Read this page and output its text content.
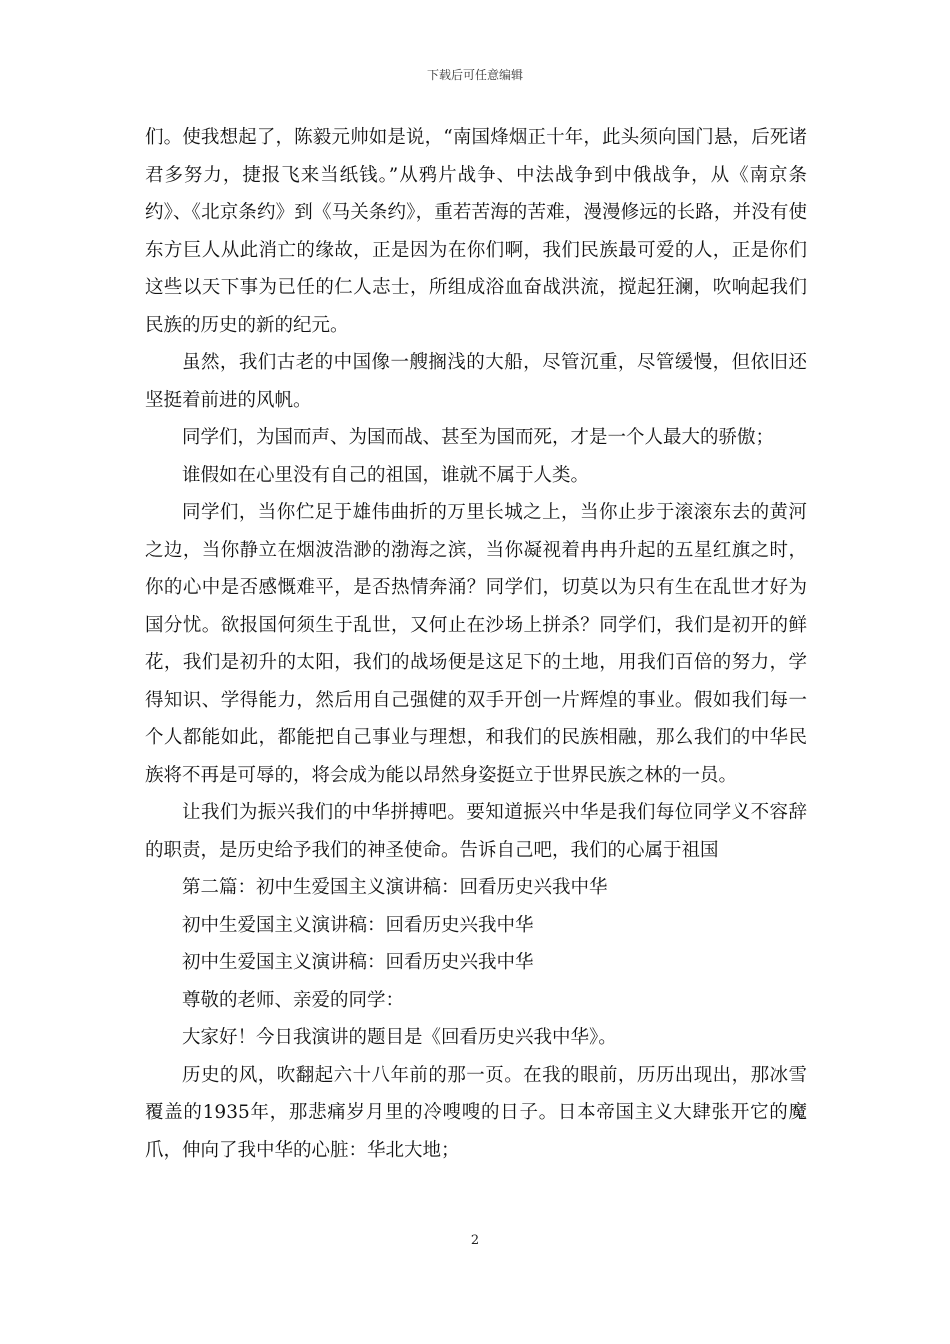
下载后可任意编辑

们。使我想起了，陈毅元帅如是说，“南国烽烟正十年，此头须向国门悬，后死诸君多努力，捷报飞来当纸钱。”从鸦片战争、中法战争到中俄战争，从《南京条约》、《北京条约》到《马关条约》，重若苦海的苦难，漫漫修远的长路，并没有使东方巨人从此消亡的缘故，正是因为在你们啊，我们民族最可爱的人，正是你们这些以天下事为已任的仁人志士，所组成浴血奋战洪流，搅起狂澜，吹响起我们民族的历史的新的纪元。

虽然，我们古老的中国像一艘搁浅的大船，尽管沉重，尽管缓慢，但依旧还坚挺着前进的风帆。

同学们，为国而声、为国而战、甚至为国而死，才是一个人最大的骄傲；

谁假如在心里没有自己的祖国，谁就不属于人类。

同学们，当你伫足于雄伟曲折的万里长城之上，当你止步于滚滚东去的黄河之边，当你静立在烟波浩渺的渤海之滨，当你凝视着冉冉升起的五星红旗之时，你的心中是否感慨难平，是否热情奔涌？同学们，切莫以为只有生在乱世才好为国分忧。欲报国何须生于乱世，又何止在沙场上拼杀？同学们，我们是初开的鲜花，我们是初升的太阳，我们的战场便是这足下的土地，用我们百倍的努力，学得知识、学得能力，然后用自己强健的双手开创一片辉煌的事业。假如我们每一个人都能如此，都能把自己事业与理想，和我们的民族相融，那么我们的中华民族将不再是可辱的，将会成为能以昂然身姿挺立于世界民族之林的一员。

让我们为振兴我们的中华拼搏吧。要知道振兴中华是我们每位同学义不容辞的职责，是历史给予我们的神圣使命。告诉自己吧，我们的心属于祖国

第二篇：初中生爱国主义演讲稿：回看历史兴我中华

初中生爱国主义演讲稿：回看历史兴我中华

初中生爱国主义演讲稿：回看历史兴我中华

尊敬的老师、亲爱的同学：

大家好！今日我演讲的题目是《回看历史兴我中华》。

历史的风，吹翻起六十八年前的那一页。在我的眼前，历历出现出，那冰雪覆盖的1935年，那悲痛岁月里的冷嗖嗖的日子。日本帝国主义大肆张开它的魔爪，伸向了我中华的心脏：华北大地；

2
